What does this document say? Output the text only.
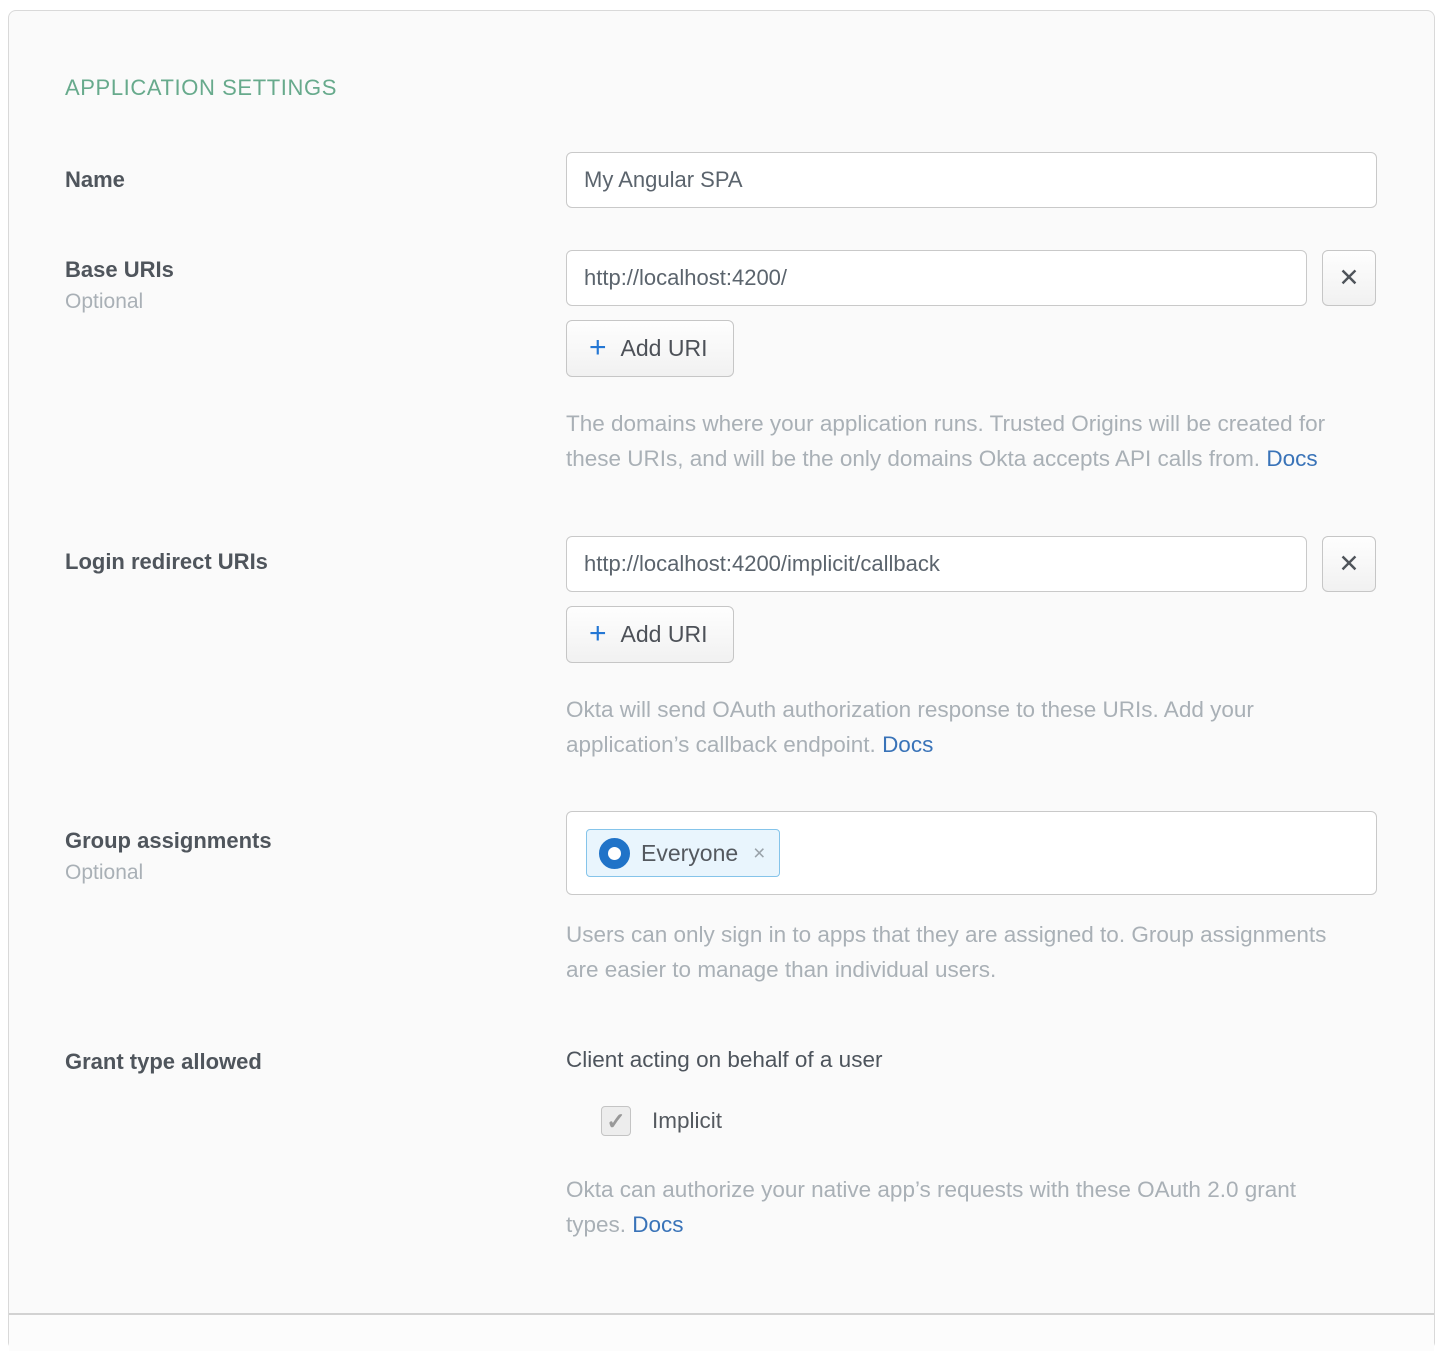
APPLICATION SETTINGS
Name
My Angular SPA
Base URIs
Optional
http://localhost:4200/
✕
+ Add URI

The domains where your application runs. Trusted Origins will be created for these URIs, and will be the only domains Okta accepts API calls from. Docs

Login redirect URIs
http://localhost:4200/implicit/callback	✕
+ Add URI

Okta will send OAuth authorization response to these URIs. Add your application’s callback endpoint. Docs

Group assignments
Optional
Everyone ×

Users can only sign in to apps that they are assigned to. Group assignments are easier to manage than individual users.

Grant type allowed	Client acting on behalf of a user
✓ Implicit

Okta can authorize your native app’s requests with these OAuth 2.0 grant types. Docs
